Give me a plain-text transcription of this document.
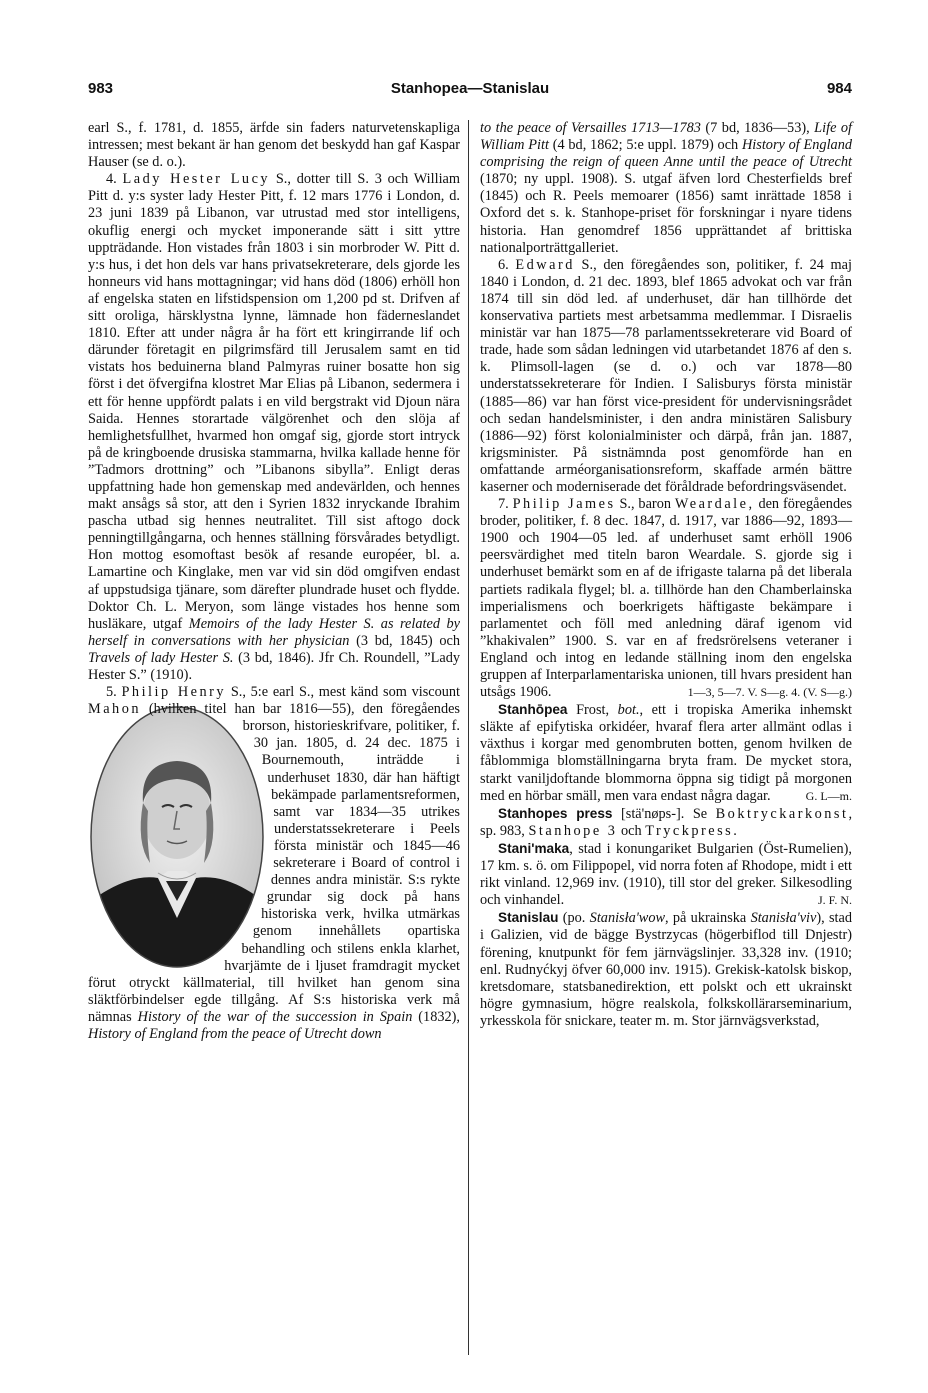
983	Stanhopea—Stanislau	984

earl S., f. 1781, d. 1855, ärfde sin faders naturvetenskapliga intressen; mest bekant är han genom det beskydd han gaf Kaspar Hauser (se d. o.).

4. Lady Hester Lucy S., dotter till S. 3 och William Pitt d. y:s syster lady Hester Pitt, f. 12 mars 1776 i London, d. 23 juni 1839 på Libanon, var utrustad med stor intelligens, okuflig energi och mycket imponerande sätt i sitt yttre uppträdande. Hon vistades från 1803 i sin morbroder W. Pitt d. y:s hus, i det hon dels var hans privatsekreterare, dels gjorde les honneurs vid hans mottagningar; vid hans död (1806) erhöll hon af engelska staten en lifstidspension om 1,200 pd st. Drifven af sitt oroliga, härsklystna lynne, lämnade hon fäderneslandet 1810. Efter att under några år ha fört ett kringirrande lif och därunder företagit en pilgrimsfärd till Jerusalem samt en tid vistats hos beduinerna bland Palmyras ruiner bosatte hon sig först i det öfvergifna klostret Mar Elias på Libanon, sedermera i ett för henne uppfördt palats i en vild bergstrakt vid Djoun nära Saida. Hennes storartade välgörenhet och den slöja af hemlighetsfullhet, hvarmed hon omgaf sig, gjorde stort intryck på de kringboende drusiska stammarna, hvilka kallade henne för ”Tadmors drottning” och ”Libanons sibylla”. Enligt deras uppfattning hade hon gemenskap med andevärlden, och hennes makt ansågs så stor, att den i Syrien 1832 inryckande Ibrahim pascha utbad sig hennes neutralitet. Till sist aftogo dock penningtillgångarna, och hennes ställning försvårades betydligt. Hon mottog esomoftast besök af resande européer, bl. a. Lamartine och Kinglake, men var vid sin död omgifven endast af uppstudsiga tjänare, som därefter plundrade huset och flydde. Doktor Ch. L. Meryon, som länge vistades hos henne som husläkare, utgaf Memoirs of the lady Hester S. as related by herself in conversations with her physician (3 bd, 1845) och Travels of lady Hester S. (3 bd, 1846). Jfr Ch. Roundell, ”Lady Hester S.” (1910).

5. Philip Henry S., 5:e earl S., mest känd som viscount Mahon (hvilken titel han bar 1816—55), den föregåendes brorson, historieskrifvare, politiker, f. 30 jan. 1805, d. 24 dec. 1875 i Bournemouth, inträdde i underhuset 1830, där han häftigt bekämpade parlamentsreformen, samt var 1834—35 utrikes understatssekreterare i Peels första ministär och 1845—46 sekreterare i Board of control i dennes andra ministär. S:s rykte grundar sig dock på hans historiska verk, hvilka utmärkas genom innehållets opartiska behandling och stilens enkla klarhet, hvarjämte de i ljuset framdragit mycket förut otryckt källmaterial, till hvilket han genom sina släktförbindelser egde tillgång. Af S:s historiska verk må nämnas History of the war of the succession in Spain (1832), History of England from the peace of Utrecht down

to the peace of Versailles 1713—1783 (7 bd, 1836—53), Life of William Pitt (4 bd, 1862; 5:e uppl. 1879) och History of England comprising the reign of queen Anne until the peace of Utrecht (1870; ny uppl. 1908). S. utgaf äfven lord Chesterfields bref (1845) och R. Peels memoarer (1856) samt inrättade 1858 i Oxford det s. k. Stanhope-priset för forskningar i nyare tidens historia. Han genomdref 1856 upprättandet af brittiska nationalporträttgalleriet.

6. Edward S., den föregåendes son, politiker, f. 24 maj 1840 i London, d. 21 dec. 1893, blef 1865 advokat och var från 1874 till sin död led. af underhuset, där han tillhörde det konservativa partiets mest arbetsamma medlemmar. I Disraelis ministär var han 1875—78 parlamentssekreterare vid Board of trade, hade som sådan ledningen vid utarbetandet 1876 af den s. k. Plimsoll-lagen (se d. o.) och var 1878—80 understatssekreterare för Indien. I Salisburys första ministär (1885—86) var han först vice-president för undervisningsrådet och sedan handelsminister, i den andra ministären Salisbury (1886—92) först kolonialminister och därpå, från jan. 1887, krigsminister. På sistnämnda post genomförde han en omfattande arméorganisationsreform, skaffade armén bättre kaserner och moderniserade det föråldrade befordringsväsendet.

7. Philip James S., baron Weardale, den föregåendes broder, politiker, f. 8 dec. 1847, d. 1917, var 1886—92, 1893—1900 och 1904—05 led. af underhuset samt erhöll 1906 peersvärdighet med titeln baron Weardale. S. gjorde sig i underhuset bemärkt som en af de ifrigaste talarna på det liberala partiets radikala flygel; bl. a. tillhörde han den Chamberlainska imperialismens och boerkrigets häftigaste bekämpare i parlamentet och föll med anledning däraf igenom vid ”khakivalen” 1900. S. var en af fredsrörelsens veteraner i England och intog en ledande ställning inom den engelska gruppen af Interparlamentariska unionen, till hvars president han utsågs 1906.	1—3, 5—7. V. S—g. 4. (V. S—g.)

Stanhōpea Frost, bot., ett i tropiska Amerika inhemskt släkte af epifytiska orkidéer, hvaraf flera arter allmänt odlas i växthus i korgar med genombruten botten, genom hvilken de fåblommiga blomställningarna bryta fram. De mycket stora, starkt vaniljdoftande blommorna öppna sig tidigt på morgonen med en hörbar smäll, men vara endast några dagar.	G. L—m.

Stanhopes press [stä'nøps-]. Se Boktryckarkonst, sp. 983, Stanhope 3 och Tryckpress.

Stani'maka, stad i konungariket Bulgarien (Öst-Rumelien), 17 km. s. ö. om Filippopel, vid norra foten af Rhodope, midt i ett rikt vinland. 12,969 inv. (1910), till stor del greker. Silkesodling och vinhandel.	J. F. N.

Stanislau (po. Stanisła'wow, på ukrainska Stanisła'viv), stad i Galizien, vid de bägge Bystrzycas (högerbiflod till Dnjestr) förening, knutpunkt för fem järnvägslinjer. 33,328 inv. (1910; enl. Rudnyćkyj öfver 60,000 inv. 1915). Grekisk-katolsk biskop, kretsdomare, statsbanedirektion, ett polskt och ett ukrainskt högre gymnasium, högre realskola, folkskollärarseminarium, yrkesskola för snickare, teater m. m. Stor järnvägsverkstad,
